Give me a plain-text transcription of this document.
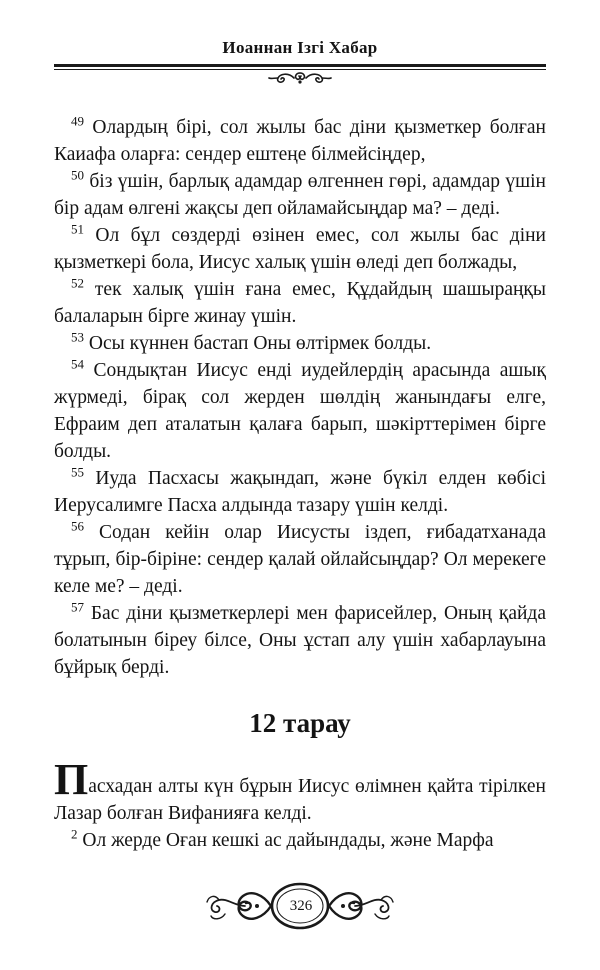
Иоаннан Ізгі Хабар

$^{49}$ Олардың бірі, сол жылы бас діни қызметкер болған Каиафа оларға: сендер ештеңе білмейсіңдер,

$^{50}$ біз үшін, барлық адамдар өлгеннен гөрі, адамдар үшін бір адам өлгені жақсы деп ойламайсыңдар ма? – деді.

$^{51}$ Ол бұл сөздерді өзінен емес, сол жылы бас діни қызметкері бола, Иисус халық үшін өледі деп болжады,

$^{52}$ тек халық үшін ғана емес, Құдайдың шашыраңқы балаларын бірге жинау үшін.

$^{53}$ Осы күннен бастап Оны өлтірмек болды.

$^{54}$ Сондықтан Иисус енді иудейлердің арасында ашық жүрмеді, бірақ сол жерден шөлдің жанындағы елге, Ефраим деп аталатын қалаға барып, шәкірттерімен бірге болды.

$^{55}$ Иуда Пасхасы жақындап, және бүкіл елден көбісі Иерусалимге Пасха алдында тазару үшін келді.

$^{56}$ Содан кейін олар Иисусты іздеп, ғибадатханада тұрып, бір-біріне: сендер қалай ойлайсыңдар? Ол мерекеге келе ме? – деді.

$^{57}$ Бас діни қызметкерлері мен фарисейлер, Оның қайда болатынын біреу білсе, Оны ұстап алу үшін хабарлауына бұйрық берді.

12 тарау

Пасхадан алты күн бұрын Иисус өлімнен қайта тірілкен Лазар болған Вифанияға келді.

$^2$ Ол жерде Оған кешкі ас дайындады, және Марфа

326
